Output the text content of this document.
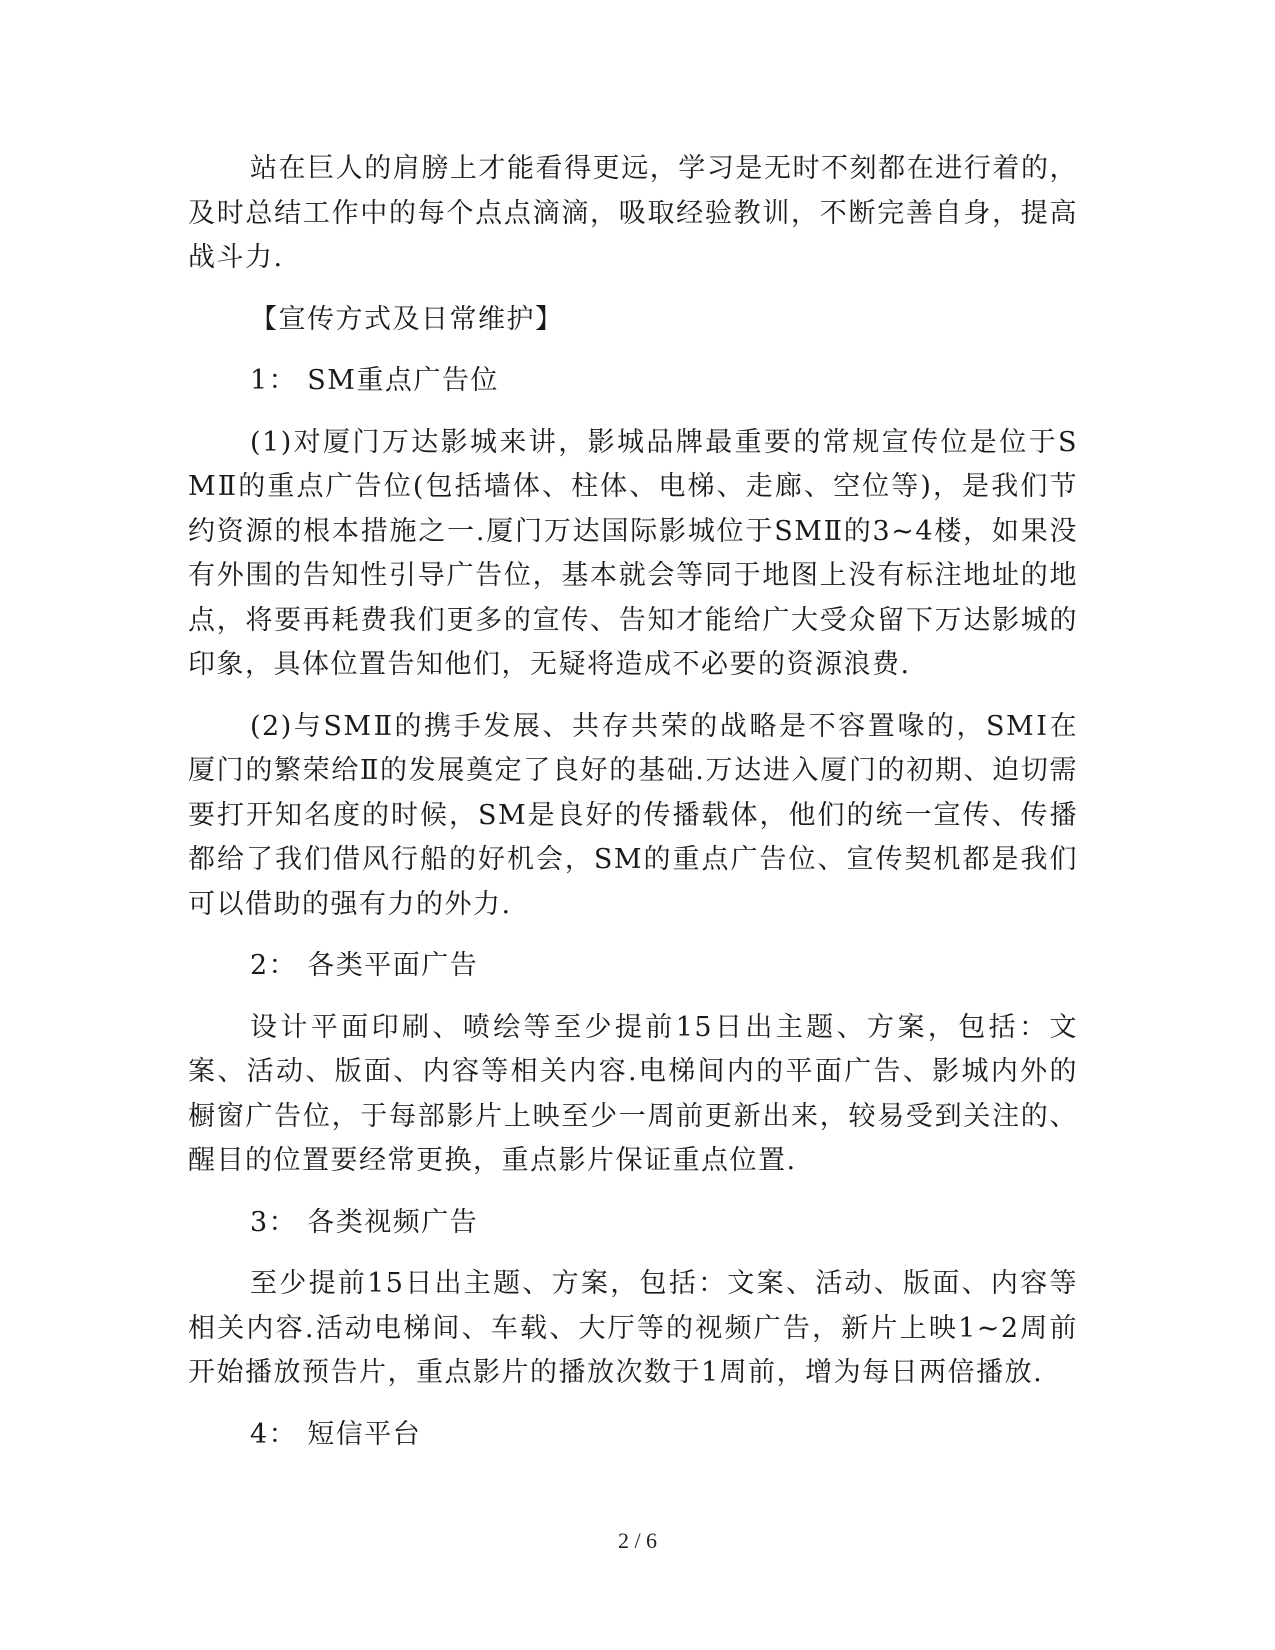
站在巨人的肩膀上才能看得更远，学习是无时不刻都在进行着的，及时总结工作中的每个点点滴滴，吸取经验教训，不断完善自身，提高战斗力.

【宣传方式及日常维护】

1： SM重点广告位

(1)对厦门万达影城来讲，影城品牌最重要的常规宣传位是位于SMⅡ的重点广告位(包括墙体、柱体、电梯、走廊、空位等)，是我们节约资源的根本措施之一.厦门万达国际影城位于SMⅡ的3~4楼，如果没有外围的告知性引导广告位，基本就会等同于地图上没有标注地址的地点，将要再耗费我们更多的宣传、告知才能给广大受众留下万达影城的印象，具体位置告知他们，无疑将造成不必要的资源浪费.

(2)与SMⅡ的携手发展、共存共荣的战略是不容置喙的，SMⅠ在厦门的繁荣给Ⅱ的发展奠定了良好的基础.万达进入厦门的初期、迫切需要打开知名度的时候，SM是良好的传播载体，他们的统一宣传、传播都给了我们借风行船的好机会，SM的重点广告位、宣传契机都是我们可以借助的强有力的外力.

2： 各类平面广告

设计平面印刷、喷绘等至少提前15日出主题、方案，包括：文案、活动、版面、内容等相关内容.电梯间内的平面广告、影城内外的橱窗广告位，于每部影片上映至少一周前更新出来，较易受到关注的、醒目的位置要经常更换，重点影片保证重点位置.

3： 各类视频广告

至少提前15日出主题、方案，包括：文案、活动、版面、内容等相关内容.活动电梯间、车载、大厅等的视频广告，新片上映1~2周前开始播放预告片，重点影片的播放次数于1周前，增为每日两倍播放.

4： 短信平台

2 / 6
